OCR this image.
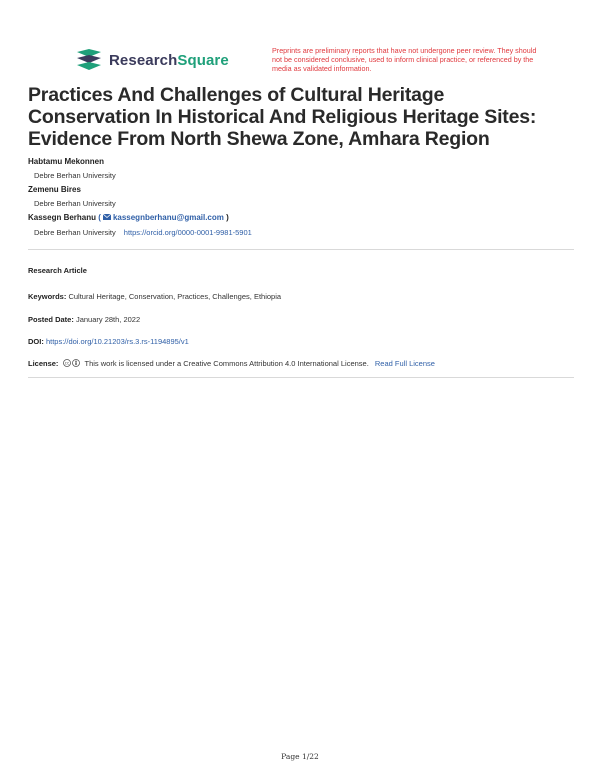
ResearchSquare
Preprints are preliminary reports that have not undergone peer review. They should not be considered conclusive, used to inform clinical practice, or referenced by the media as validated information.
Practices And Challenges of Cultural Heritage Conservation In Historical And Religious Heritage Sites: Evidence From North Shewa Zone, Amhara Region
Habtamu Mekonnen
Debre Berhan University
Zemenu Bires
Debre Berhan University
Kassegn Berhanu ( kassegnberhanu@gmail.com )
Debre Berhan University https://orcid.org/0000-0001-9981-5901
Research Article
Keywords: Cultural Heritage, Conservation, Practices, Challenges, Ethiopia
Posted Date: January 28th, 2022
DOI: https://doi.org/10.21203/rs.3.rs-1194895/v1
License: cc This work is licensed under a Creative Commons Attribution 4.0 International License. Read Full License
Page 1/22
